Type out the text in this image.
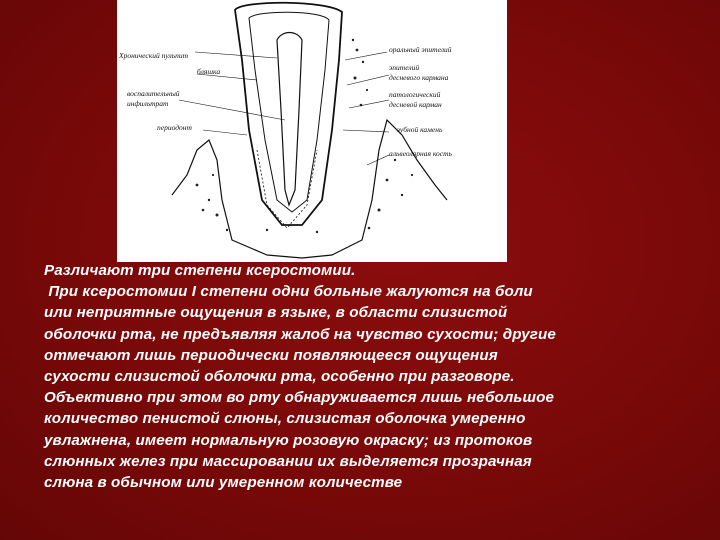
Хронический пульпит
бляшка
воспалительный
инфильтрат
периодонт
оральный эпителий
эпителий
десневого кармана
патологический
десневой карман
зубной камень
альвеолярная кость
Различают три степени ксеростомии.
При ксеростомии I степени одни больные жалуются на боли
или неприятные ощущения в языке, в области слизистой
оболочки рта, не предъявляя жалоб на чувство сухости; другие
отмечают лишь периодически появляющееся ощущения
сухости слизистой оболочки рта, особенно при разговоре.
Объективно при этом во рту обнаруживается лишь небольшое
количество пенистой слюны, слизистая оболочка умеренно
увлажнена, имеет нормальную розовую окраску; из протоков
слюнных желез при массировании их выделяется прозрачная
слюна в обычном или умеренном количестве
